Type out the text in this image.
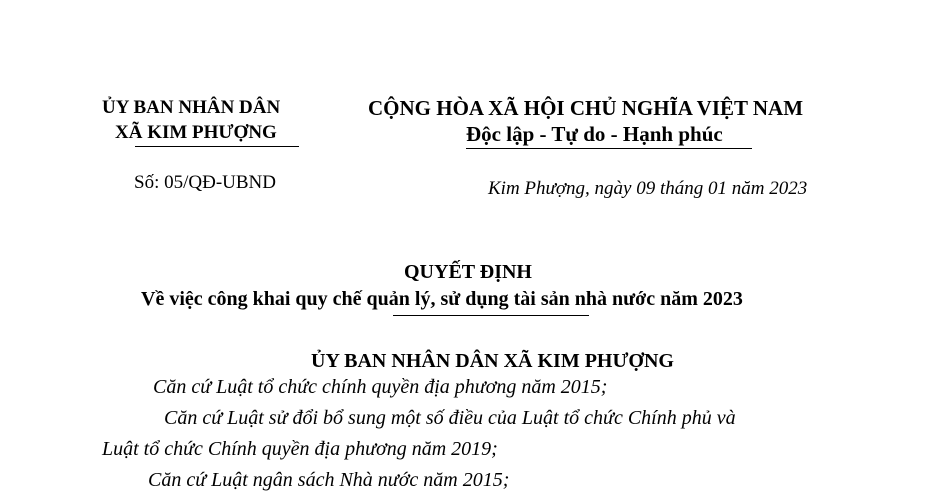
ỦY BAN NHÂN DÂN
XÃ KIM PHƯỢNG
Số: 05/QĐ-UBND
CỘNG HÒA XÃ HỘI CHỦ NGHĨA VIỆT NAM
Độc lập - Tự do - Hạnh phúc
Kim Phượng, ngày 09 tháng 01 năm 2023
QUYẾT ĐỊNH
Về việc công khai quy chế quản lý, sử dụng tài sản nhà nước năm 2023
ỦY BAN NHÂN DÂN XÃ KIM PHƯỢNG
Căn cứ Luật tổ chức chính quyền địa phương năm 2015;
Căn cứ Luật sử đổi bổ sung một số điều của Luật tổ chức Chính phủ và
Luật tổ chức Chính quyền địa phương năm 2019;
Căn cứ Luật ngân sách Nhà nước năm 2015;
